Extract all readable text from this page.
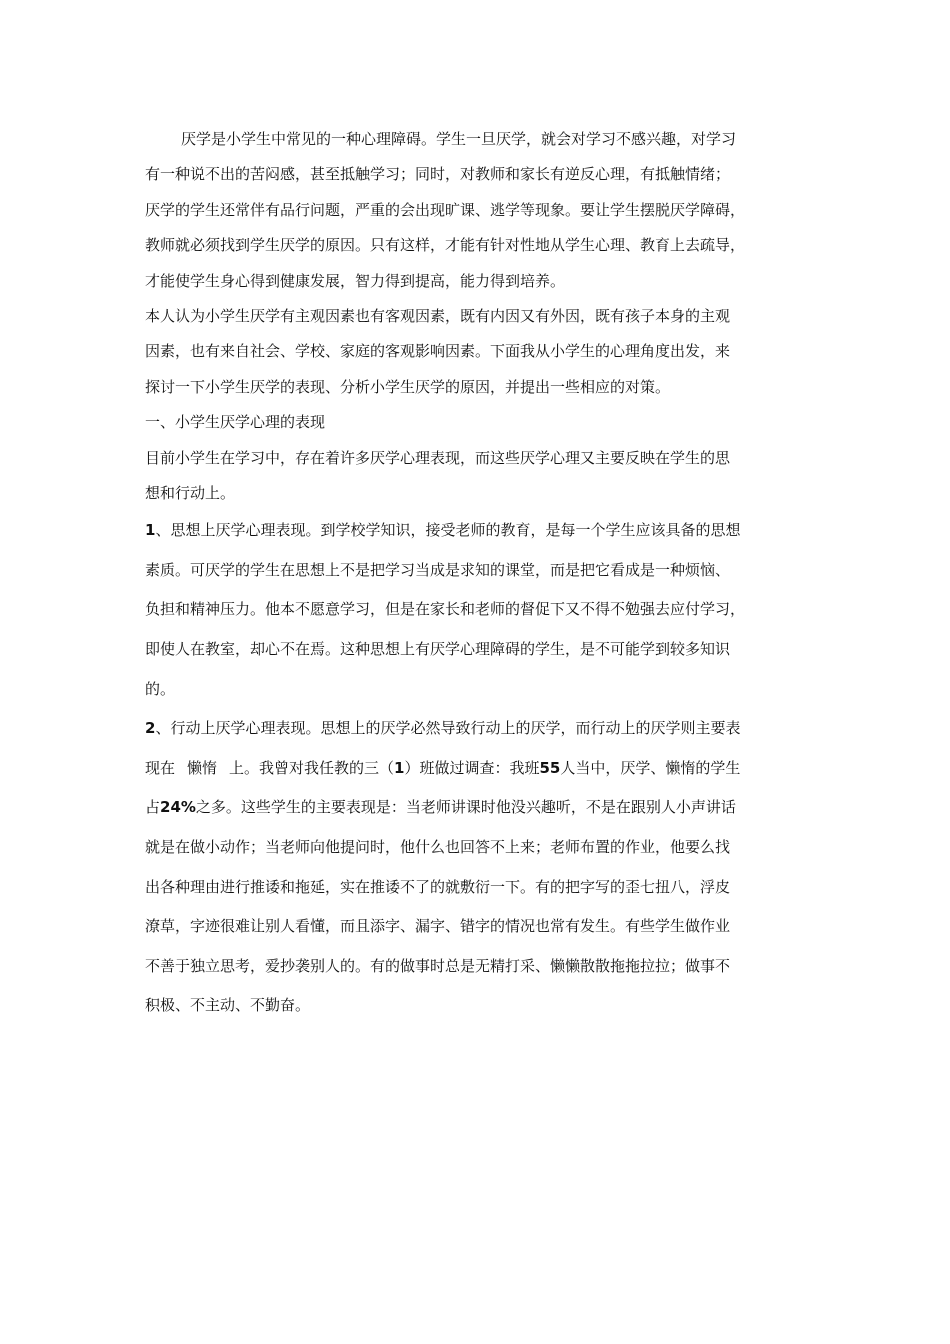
厌学是小学生中常见的一种心理障碍。学生一旦厌学，就会对学习不感兴趣，对学习
有一种说不出的苦闷感，甚至抵触学习；同时，对教师和家长有逆反心理，有抵触情绪；
厌学的学生还常伴有品行问题，严重的会出现旷课、逃学等现象。要让学生摆脱厌学障碍，
教师就必须找到学生厌学的原因。只有这样，才能有针对性地从学生心理、教育上去疏导，
才能使学生身心得到健康发展，智力得到提高，能力得到培养。
本人认为小学生厌学有主观因素也有客观因素，既有内因又有外因，既有孩子本身的主观
因素，也有来自社会、学校、家庭的客观影响因素。下面我从小学生的心理角度出发，来
探讨一下小学生厌学的表现、分析小学生厌学的原因，并提出一些相应的对策。
一、小学生厌学心理的表现
目前小学生在学习中，存在着许多厌学心理表现，而这些厌学心理又主要反映在学生的思
想和行动上。
1、思想上厌学心理表现。到学校学知识，接受老师的教育，是每一个学生应该具备的思想
素质。可厌学的学生在思想上不是把学习当成是求知的课堂，而是把它看成是一种烦恼、
负担和精神压力。他本不愿意学习，但是在家长和老师的督促下又不得不勉强去应付学习，
即使人在教室，却心不在焉。这种思想上有厌学心理障碍的学生，是不可能学到较多知识
的。
2、行动上厌学心理表现。思想上的厌学必然导致行动上的厌学，而行动上的厌学则主要表
现在 懒惰 上。我曾对我任教的三（1）班做过调查：我班55人当中，厌学、懒惰的学生
占24%之多。这些学生的主要表现是：当老师讲课时他没兴趣听，不是在跟别人小声讲话
就是在做小动作；当老师向他提问时，他什么也回答不上来；老师布置的作业，他要么找
出各种理由进行推诿和拖延，实在推诿不了的就敷衍一下。有的把字写的歪七扭八，浮皮
潦草，字迹很难让别人看懂，而且添字、漏字、错字的情况也常有发生。有些学生做作业
不善于独立思考，爱抄袭别人的。有的做事时总是无精打采、懒懒散散拖拖拉拉；做事不
积极、不主动、不勤奋。
